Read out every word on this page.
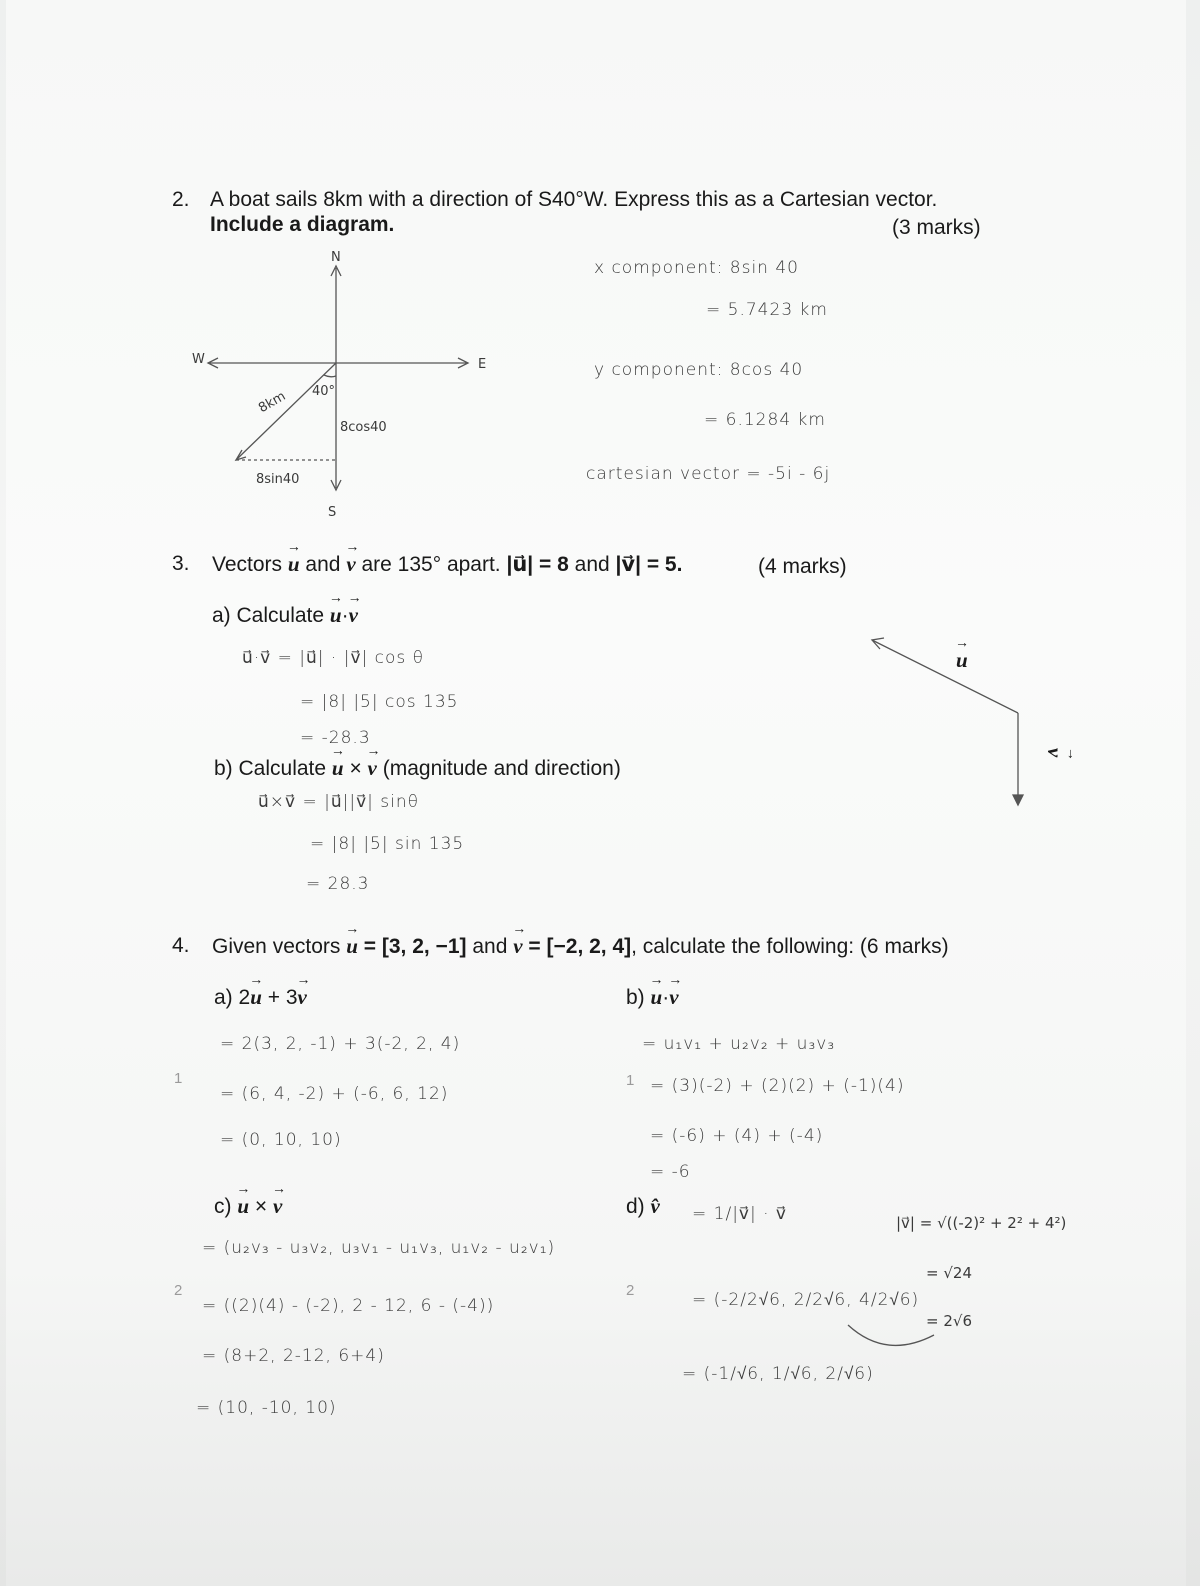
2. A boat sails 8km with a direction of S40°W. Express this as a Cartesian vector.
Include a diagram.	(3 marks)
N
S
E
W
8km 40°
8cos40
8sin40
x component: 8sin 40
= 5.7423 km
y component: 8cos 40
= 6.1284 km
cartesian vector = -5i - 6j
3. Vectors → u and → v are 135° apart. |u⃗| = 8 and |v⃗| = 5.	(4 marks)
a) Calculate → u·→ v
u⃗·v⃗ = |u⃗| · |v⃗| cos θ
= |8| |5| cos 135
= -28.3
b) Calculate → u × → v (magnitude and direction)
u⃗×v⃗ = |u⃗||v⃗| sinθ
= |8| |5| sin 135
= 28.3
→ u → v
4. Given vectors → u = [3, 2, −1] and → v = [−2, 2, 4], calculate the following: (6 marks)
a) 2→ u + 3→ v
= 2(3, 2, -1) + 3(-2, 2, 4)
= (6, 4, -2) + (-6, 6, 12)
= (0, 10, 10)
1
b) → u·→ v
= u₁v₁ + u₂v₂ + u₃v₃
= (3)(-2) + (2)(2) + (-1)(4)
= (-6) + (4) + (-4)
= -6
1
c) → u × → v
= (u₂v₃ - u₃v₂, u₃v₁ - u₁v₃, u₁v₂ - u₂v₁)
= ((2)(4) - (-2), 2 - 12, 6 - (-4))
= (8+2, 2-12, 6+4)
= (10, -10, 10)
2
d) v̂ = 1/|v⃗| · v⃗
= (-2/2√6, 2/2√6, 4/2√6)
= (-1/√6, 1/√6, 2/√6)
2
|v⃗| = √((-2)² + 2² + 4²)
= √24
= 2√6
